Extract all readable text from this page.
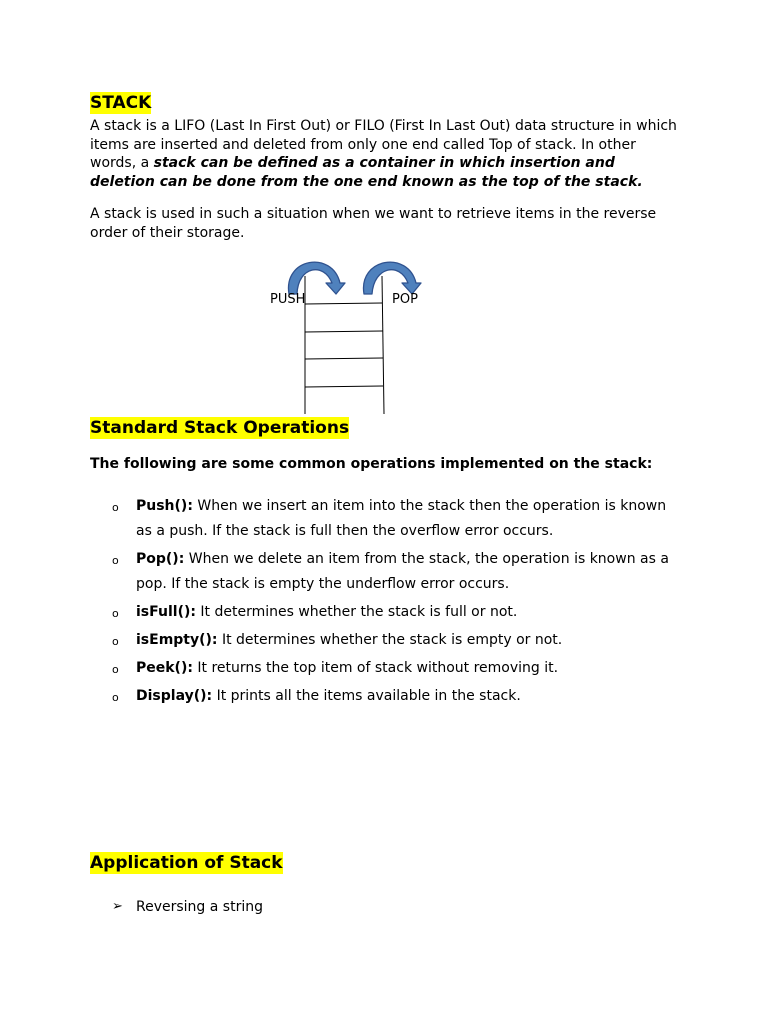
STACK

A stack is a LIFO (Last In First Out) or FILO (First In Last Out) data structure in which items are inserted and deleted from only one end called Top of stack. In other words, a stack can be defined as a container in which insertion and deletion can be done from the one end known as the top of the stack.

A stack is used in such a situation when we want to retrieve items in the reverse order of their storage.

PUSH	POP
Standard Stack Operations

The following are some common operations implemented on the stack:

o Push(): When we insert an item into the stack then the operation is known as a push. If the stack is full then the overflow error occurs.
o Pop(): When we delete an item from the stack, the operation is known as a pop. If the stack is empty the underflow error occurs.
o isFull(): It determines whether the stack is full or not.
o isEmpty(): It determines whether the stack is empty or not.
o Peek(): It returns the top item of stack without removing it.
o Display(): It prints all the items available in the stack.
Application of Stack
➢ Reversing a string
